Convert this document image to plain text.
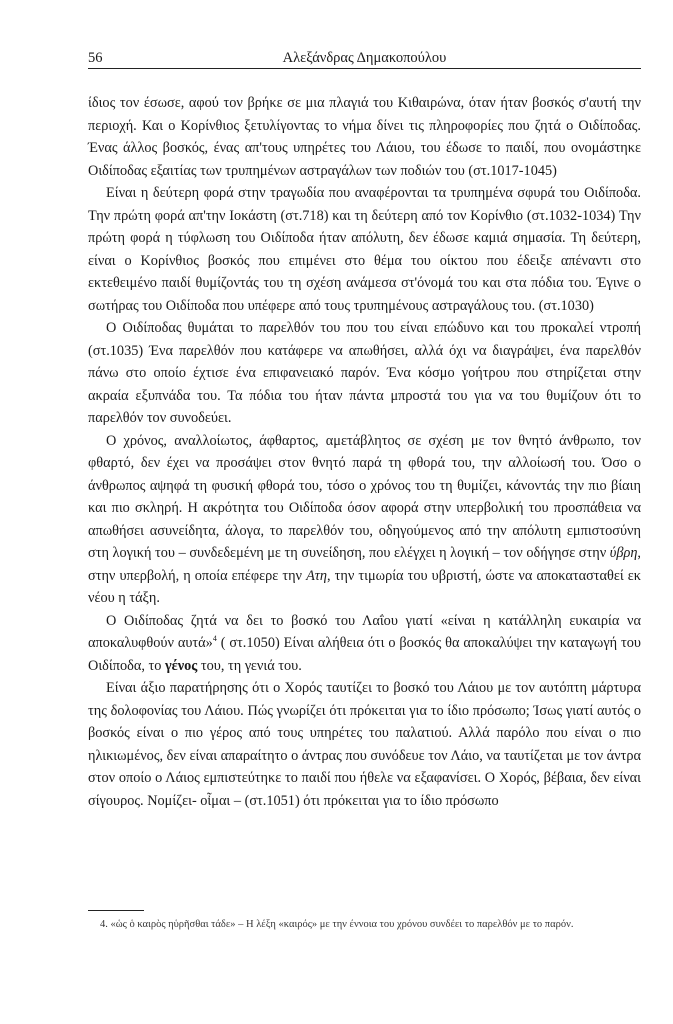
56	Αλεξάνδρας Δημακοπούλου

ίδιος τον έσωσε, αφού τον βρήκε σε μια πλαγιά του Κιθαιρώνα, όταν ήταν βοσκός σ'αυτή την περιοχή. Και ο Κορίνθιος ξετυλίγοντας το νήμα δίνει τις πληροφορίες που ζητά ο Οιδίποδας. Ένας άλλος βοσκός, ένας απ'τους υπηρέτες του Λάιου, του έδωσε το παιδί, που ονομάστηκε Οιδίποδας εξαιτίας των τρυπημένων αστραγάλων των ποδιών του (στ.1017-1045)

Είναι η δεύτερη φορά στην τραγωδία που αναφέρονται τα τρυπημένα σφυρά του Οιδίποδα. Την πρώτη φορά απ'την Ιοκάστη (στ.718) και τη δεύτερη από τον Κορίνθιο (στ.1032-1034) Την πρώτη φορά η τύφλωση του Οιδίποδα ήταν απόλυτη, δεν έδωσε καμιά σημασία. Τη δεύτερη, είναι ο Κορίνθιος βοσκός που επιμένει στο θέμα του οίκτου που έδειξε απέναντι στο εκτεθειμένο παιδί θυμίζοντάς του τη σχέση ανάμεσα στ'όνομά του και στα πόδια του. Έγινε ο σωτήρας του Οιδίποδα που υπέφερε από τους τρυπημένους αστραγάλους του. (στ.1030)

Ο Οιδίποδας θυμάται το παρελθόν του που του είναι επώδυνο και του προκαλεί ντροπή (στ.1035) Ένα παρελθόν που κατάφερε να απωθήσει, αλλά όχι να διαγράψει, ένα παρελθόν πάνω στο οποίο έχτισε ένα επιφανειακό παρόν. Ένα κόσμο γοήτρου που στηρίζεται στην ακραία εξυπνάδα του. Τα πόδια του ήταν πάντα μπροστά του για να του θυμίζουν ότι το παρελθόν τον συνοδεύει.

Ο χρόνος, αναλλοίωτος, άφθαρτος, αμετάβλητος σε σχέση με τον θνητό άνθρωπο, τον φθαρτό, δεν έχει να προσάψει στον θνητό παρά τη φθορά του, την αλλοίωσή του. Όσο ο άνθρωπος αψηφά τη φυσική φθορά του, τόσο ο χρόνος του τη θυμίζει, κάνοντάς την πιο βίαιη και πιο σκληρή. Η ακρότητα του Οιδίποδα όσον αφορά στην υπερβολική του προσπάθεια να απωθήσει ασυνείδητα, άλογα, το παρελθόν του, οδηγούμενος από την απόλυτη εμπιστοσύνη στη λογική του – συνδεδεμένη με τη συνείδηση, που ελέγχει η λογική – τον οδήγησε στην ύβρη, στην υπερβολή, η οποία επέφερε την Ατη, την τιμωρία του υβριστή, ώστε να αποκατασταθεί εκ νέου η τάξη.

Ο Οιδίποδας ζητά να δει το βοσκό του Λαΐου γιατί «είναι η κατάλληλη ευκαιρία να αποκαλυφθούν αυτά»$^4$ ( στ.1050) Είναι αλήθεια ότι ο βοσκός θα αποκαλύψει την καταγωγή του Οιδίποδα, το γένος του, τη γενιά του.

Είναι άξιο παρατήρησης ότι ο Χορός ταυτίζει το βοσκό του Λάιου με τον αυτόπτη μάρτυρα της δολοφονίας του Λάιου. Πώς γνωρίζει ότι πρόκειται για το ίδιο πρόσωπο; Ίσως γιατί αυτός ο βοσκός είναι ο πιο γέρος από τους υπηρέτες του παλατιού. Αλλά παρόλο που είναι ο πιο ηλικιωμένος, δεν είναι απαραίτητο ο άντρας που συνόδευε τον Λάιο, να ταυτίζεται με τον άντρα στον οποίο ο Λάιος εμπιστεύτηκε το παιδί που ήθελε να εξαφανίσει. Ο Χορός, βέβαια, δεν είναι σίγουρος. Νομίζει- οἶμαι – (στ.1051) ότι πρόκειται για το ίδιο πρόσωπο

4. «ὡς ὁ καιρὸς ηὑρῆσθαι τάδε» – Η λέξη «καιρός» με την έννοια του χρόνου συνδέει το παρελθόν με το παρόν.
